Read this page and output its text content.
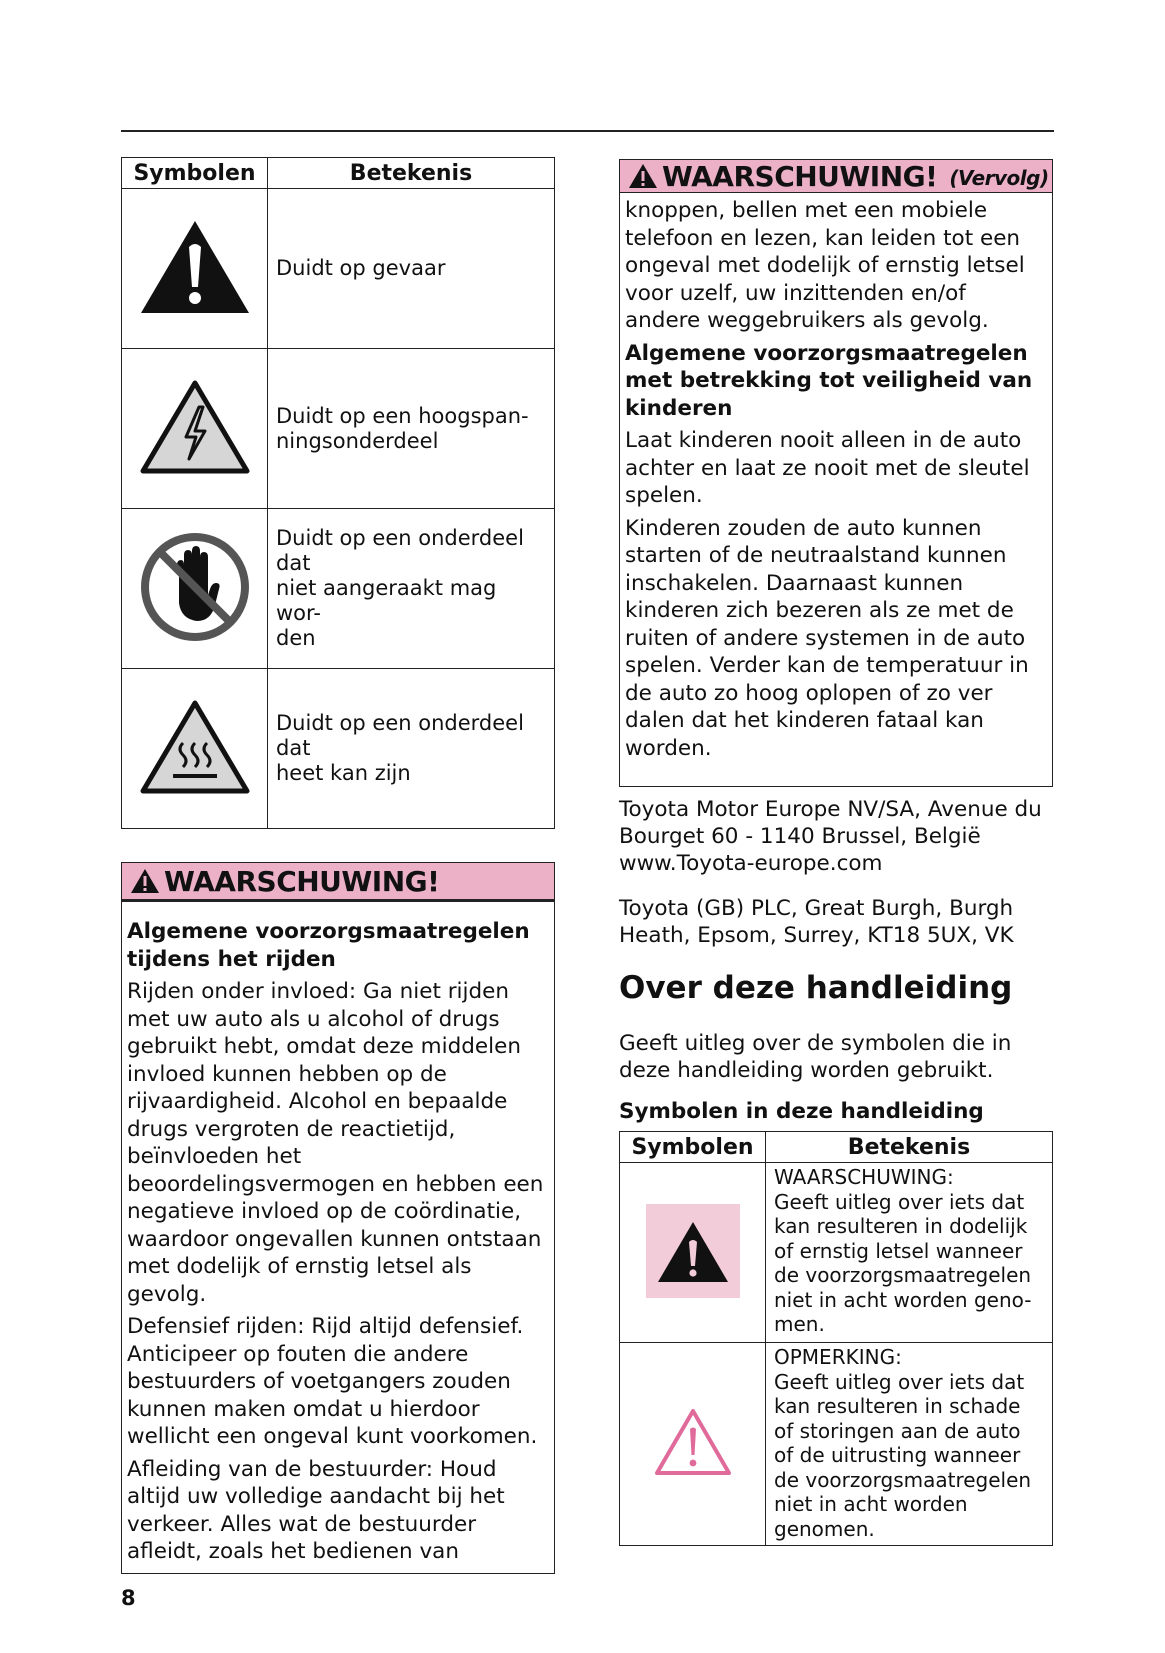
Symbolen	Betekenis
	Duidt op gevaar
	Duidt op een hoogspan-
ningsonderdeel
	Duidt op een onderdeel dat
niet aangeraakt mag wor-
den
	Duidt op een onderdeel dat
heet kan zijn
WAARSCHUWING!

Algemene voorzorgsmaatregelen tijdens het rijden

Rijden onder invloed: Ga niet rijden met uw auto als u alcohol of drugs gebruikt hebt, omdat deze middelen invloed kunnen hebben op de rijvaardigheid. Alcohol en bepaalde drugs vergroten de reactietijd, beïnvloeden het beoordelingsvermogen en hebben een negatieve invloed op de coördinatie, waardoor ongevallen kunnen ontstaan met dodelijk of ernstig letsel als gevolg.

Defensief rijden: Rijd altijd defensief. Anticipeer op fouten die andere bestuurders of voetgangers zouden kunnen maken omdat u hierdoor wellicht een ongeval kunt voorkomen.

Afleiding van de bestuurder: Houd altijd uw volledige aandacht bij het verkeer. Alles wat de bestuurder afleidt, zoals het bedienen van

WAARSCHUWING! (Vervolg)

knoppen, bellen met een mobiele telefoon en lezen, kan leiden tot een ongeval met dodelijk of ernstig letsel voor uzelf, uw inzittenden en/of andere weggebruikers als gevolg.

Algemene voorzorgsmaatregelen met betrekking tot veiligheid van kinderen

Laat kinderen nooit alleen in de auto achter en laat ze nooit met de sleutel spelen.

Kinderen zouden de auto kunnen starten of de neutraalstand kunnen inschakelen. Daarnaast kunnen kinderen zich bezeren als ze met de ruiten of andere systemen in de auto spelen. Verder kan de temperatuur in de auto zo hoog oplopen of zo ver dalen dat het kinderen fataal kan worden.

Toyota Motor Europe NV/SA, Avenue du Bourget 60 - 1140 Brussel, België
www.Toyota-europe.com

Toyota (GB) PLC, Great Burgh, Burgh Heath, Epsom, Surrey, KT18 5UX, VK

Over deze handleiding

Geeft uitleg over de symbolen die in deze handleiding worden gebruikt.

Symbolen in deze handleiding
Symbolen	Betekenis
	WAARSCHUWING:
Geeft uitleg over iets dat kan resulteren in dodelijk of ernstig letsel wanneer de voorzorgsmaatregelen niet in acht worden geno-
men.
	OPMERKING:
Geeft uitleg over iets dat kan resulteren in schade of storingen aan de auto of de uitrusting wanneer de voorzorgsmaatregelen niet in acht worden genomen.

8
